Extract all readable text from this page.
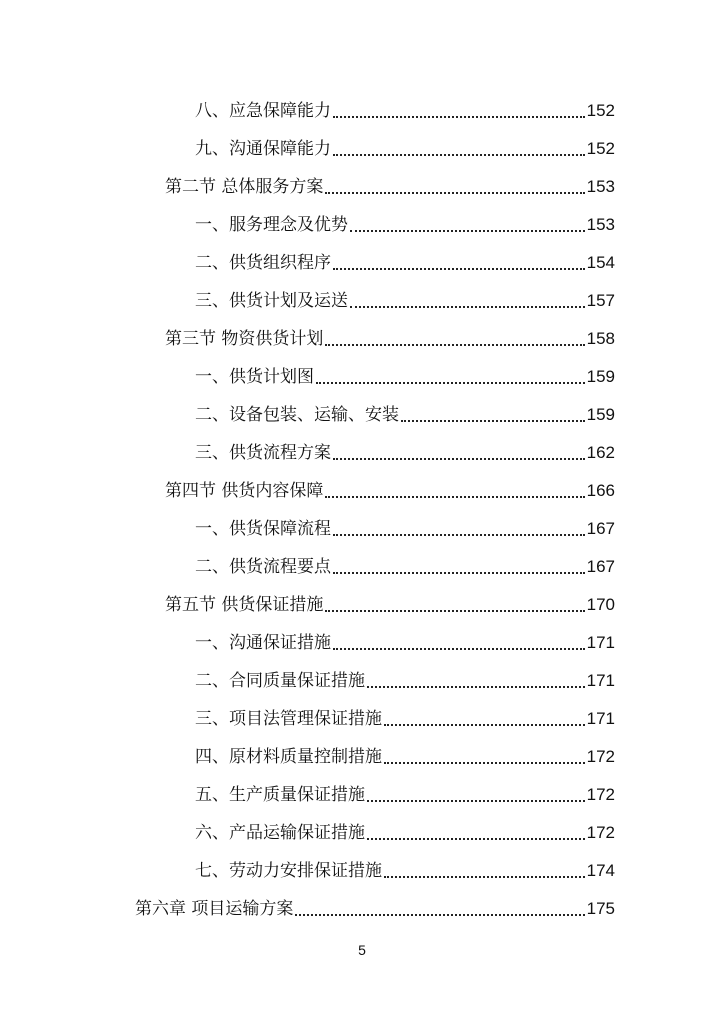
八、应急保障能力	152
九、沟通保障能力	152
第二节 总体服务方案	153
一、服务理念及优势	153
二、供货组织程序	154
三、供货计划及运送	157
第三节 物资供货计划	158
一、供货计划图	159
二、设备包装、运输、安装	159
三、供货流程方案	162
第四节 供货内容保障	166
一、供货保障流程	167
二、供货流程要点	167
第五节 供货保证措施	170
一、沟通保证措施	171
二、合同质量保证措施	171
三、项目法管理保证措施	171
四、原材料质量控制措施	172
五、生产质量保证措施	172
六、产品运输保证措施	172
七、劳动力安排保证措施	174
第六章 项目运输方案	175
5
